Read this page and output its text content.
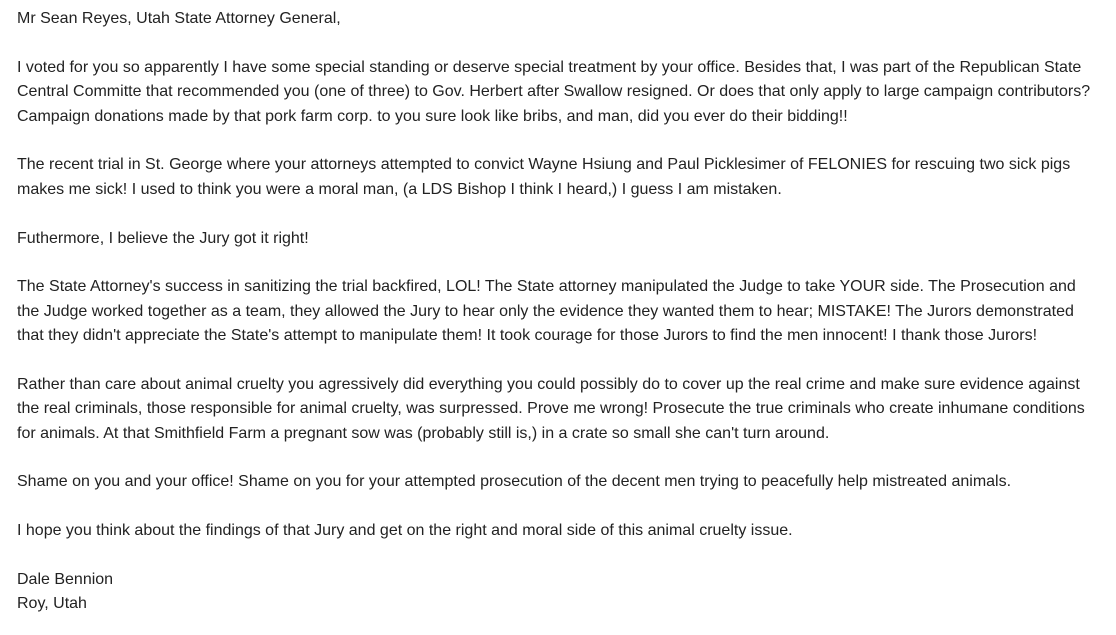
Mr Sean Reyes, Utah State Attorney General,
I voted for you so apparently I have some special standing or deserve special treatment by your office. Besides that, I was part of the Republican State
Central Committe that recommended you (one of three) to Gov. Herbert after Swallow resigned. Or does that only apply to large campaign contributors?
Campaign donations made by that pork farm corp. to you sure look like bribs, and man, did you ever do their bidding!!
The recent trial in St. George where your attorneys attempted to convict Wayne Hsiung and Paul Picklesimer of FELONIES for rescuing two sick pigs
makes me sick! I used to think you were a moral man, (a LDS Bishop I think I heard,) I guess I am mistaken.
Futhermore, I believe the Jury got it right!
The State Attorney's success in sanitizing the trial backfired, LOL! The State attorney manipulated the Judge to take YOUR side. The Prosecution and
the Judge worked together as a team, they allowed the Jury to hear only the evidence they wanted them to hear; MISTAKE! The Jurors demonstrated
that they didn't appreciate the State's attempt to manipulate them! It took courage for those Jurors to find the men innocent! I thank those Jurors!
Rather than care about animal cruelty you agressively did everything you could possibly do to cover up the real crime and make sure evidence against
the real criminals, those responsible for animal cruelty, was surpressed. Prove me wrong! Prosecute the true criminals who create inhumane conditions
for animals. At that Smithfield Farm a pregnant sow was (probably still is,) in a crate so small she can't turn around.
Shame on you and your office! Shame on you for your attempted prosecution of the decent men trying to peacefully help mistreated animals.
I hope you think about the findings of that Jury and get on the right and moral side of this animal cruelty issue.
Dale Bennion
Roy, Utah
